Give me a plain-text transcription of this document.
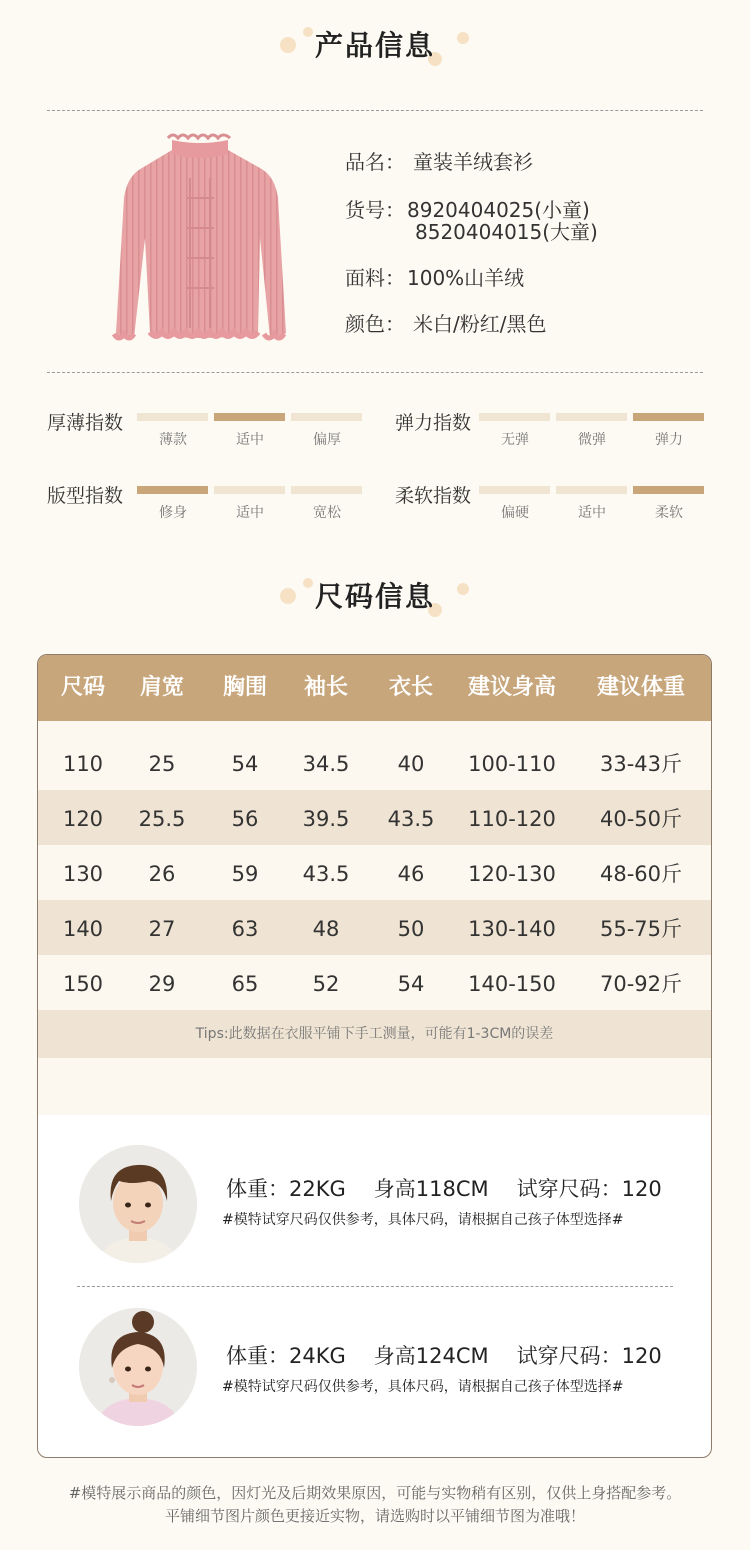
产品信息
品名： 童装羊绒套衫
货号： 8920404025(小童)
8520404015(大童)
面料： 100%山羊绒
颜色： 米白/粉红/黑色
厚薄指数
薄款	适中	偏厚
弹力指数
无弹	微弹	弹力
版型指数
修身	适中	宽松
柔软指数
偏硬	适中	柔软
尺码信息
尺码	肩宽	胸围	袖长	衣长	建议身高	建议体重
110	25	54	34.5	40	100-110	33-43斤
120	25.5	56	39.5	43.5	110-120	40-50斤
130	26	59	43.5	46	120-130	48-60斤
140	27	63	48	50	130-140	55-75斤
150	29	65	52	54	140-150	70-92斤
Tips:此数据在衣服平铺下手工测量，可能有1-3CM的误差
体重：22KG 身高118CM 试穿尺码：120
#模特试穿尺码仅供参考，具体尺码，请根据自己孩子体型选择#
体重：24KG 身高124CM 试穿尺码：120
#模特试穿尺码仅供参考，具体尺码，请根据自己孩子体型选择#
#模特展示商品的颜色，因灯光及后期效果原因，可能与实物稍有区别，仅供上身搭配参考。
平铺细节图片颜色更接近实物，请选购时以平铺细节图为准哦！
